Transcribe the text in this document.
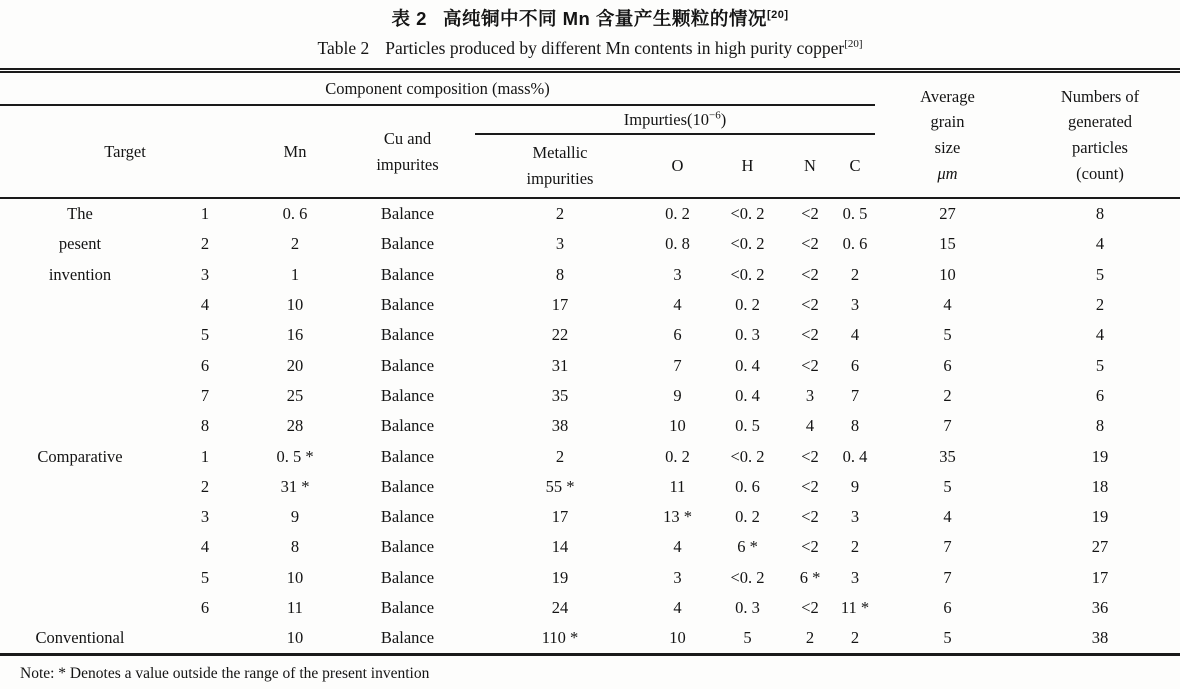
表 2 高纯铜中不同 Mn 含量产生颗粒的情况[20]
Table 2 Particles produced by different Mn contents in high purity copper[20]
Component composition (mass%)	Average
grain
size
μm

Numbers of
generated
particles
(count)

Target		Mn	Cu and
impurites	$Impurties(10^{-6})$						

				Metallic
impurities	O	H	N	C		
The	1	0. 6	Balance	2	0. 2	<0. 2	<2	0. 5	27	8
pesent	2	2	Balance	3	0. 8	<0. 2	<2	0. 6	15	4
invention	3	1	Balance	8	3	<0. 2	<2	2	10	5
	4	10	Balance	17	4	0. 2	<2	3	4	2
	5	16	Balance	22	6	0. 3	<2	4	5	4
	6	20	Balance	31	7	0. 4	<2	6	6	5
	7	25	Balance	35	9	0. 4	3	7	2	6
	8	28	Balance	38	10	0. 5	4	8	7	8
Comparative	1	0. 5 *	Balance	2	0. 2	<0. 2	<2	0. 4	35	19
	2	31 *	Balance	55 *	11	0. 6	<2	9	5	18
	3	9	Balance	17	13 *	0. 2	<2	3	4	19
	4	8	Balance	14	4	6 *	<2	2	7	27
	5	10	Balance	19	3	<0. 2	6 *	3	7	17
	6	11	Balance	24	4	0. 3	<2	11 *	6	36
Conventional		10	Balance	110 *	10	5	2	2	5	38
Note: * Denotes a value outside the range of the present invention
